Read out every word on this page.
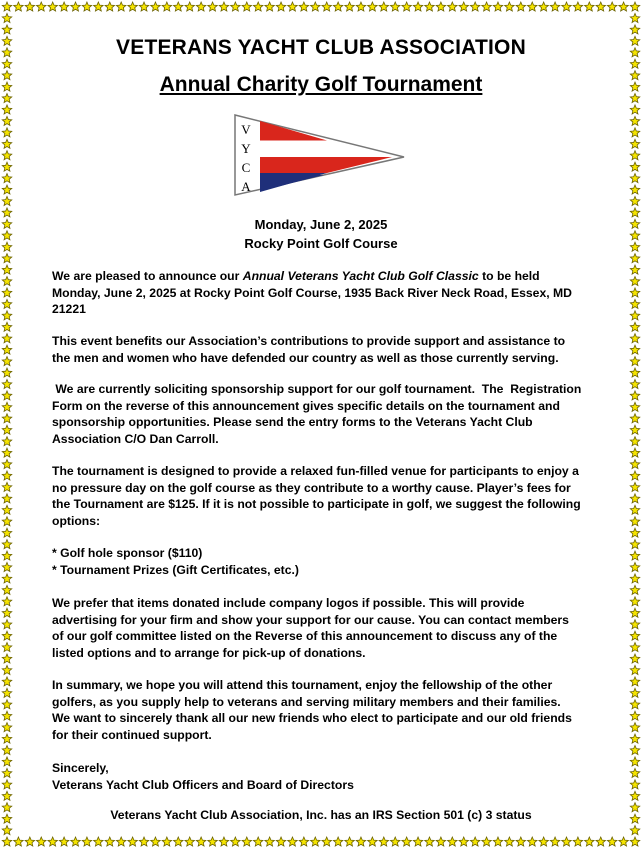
VETERANS YACHT CLUB ASSOCIATION
Annual Charity Golf Tournament
V
Y
C
A
Monday, June 2, 2025
Rocky Point Golf Course
We are pleased to announce our Annual Veterans Yacht Club Golf Classic to be held Monday, June 2, 2025 at Rocky Point Golf Course, 1935 Back River Neck Road, Essex, MD 21221
This event benefits our Association’s contributions to provide support and assistance to the men and women who have defended our country as well as those currently serving.
We are currently soliciting sponsorship support for our golf tournament.  The  Registration Form on the reverse of this announcement gives specific details on the tournament and sponsorship opportunities. Please send the entry forms to the Veterans Yacht Club Association C/O Dan Carroll.
The tournament is designed to provide a relaxed fun-filled venue for participants to enjoy a no pressure day on the golf course as they contribute to a worthy cause. Player’s fees for the Tournament are $125. If it is not possible to participate in golf, we suggest the following options:
* Golf hole sponsor ($110)
* Tournament Prizes (Gift Certificates, etc.)
We prefer that items donated include company logos if possible. This will provide advertising for your firm and show your support for our cause. You can contact members of our golf committee listed on the Reverse of this announcement to discuss any of the listed options and to arrange for pick-up of donations.
In summary, we hope you will attend this tournament, enjoy the fellowship of the other golfers, as you supply help to veterans and serving military members and their families. We want to sincerely thank all our new friends who elect to participate and our old friends for their continued support.
Sincerely,
Veterans Yacht Club Officers and Board of Directors
Veterans Yacht Club Association, Inc. has an IRS Section 501 (c) 3 status
